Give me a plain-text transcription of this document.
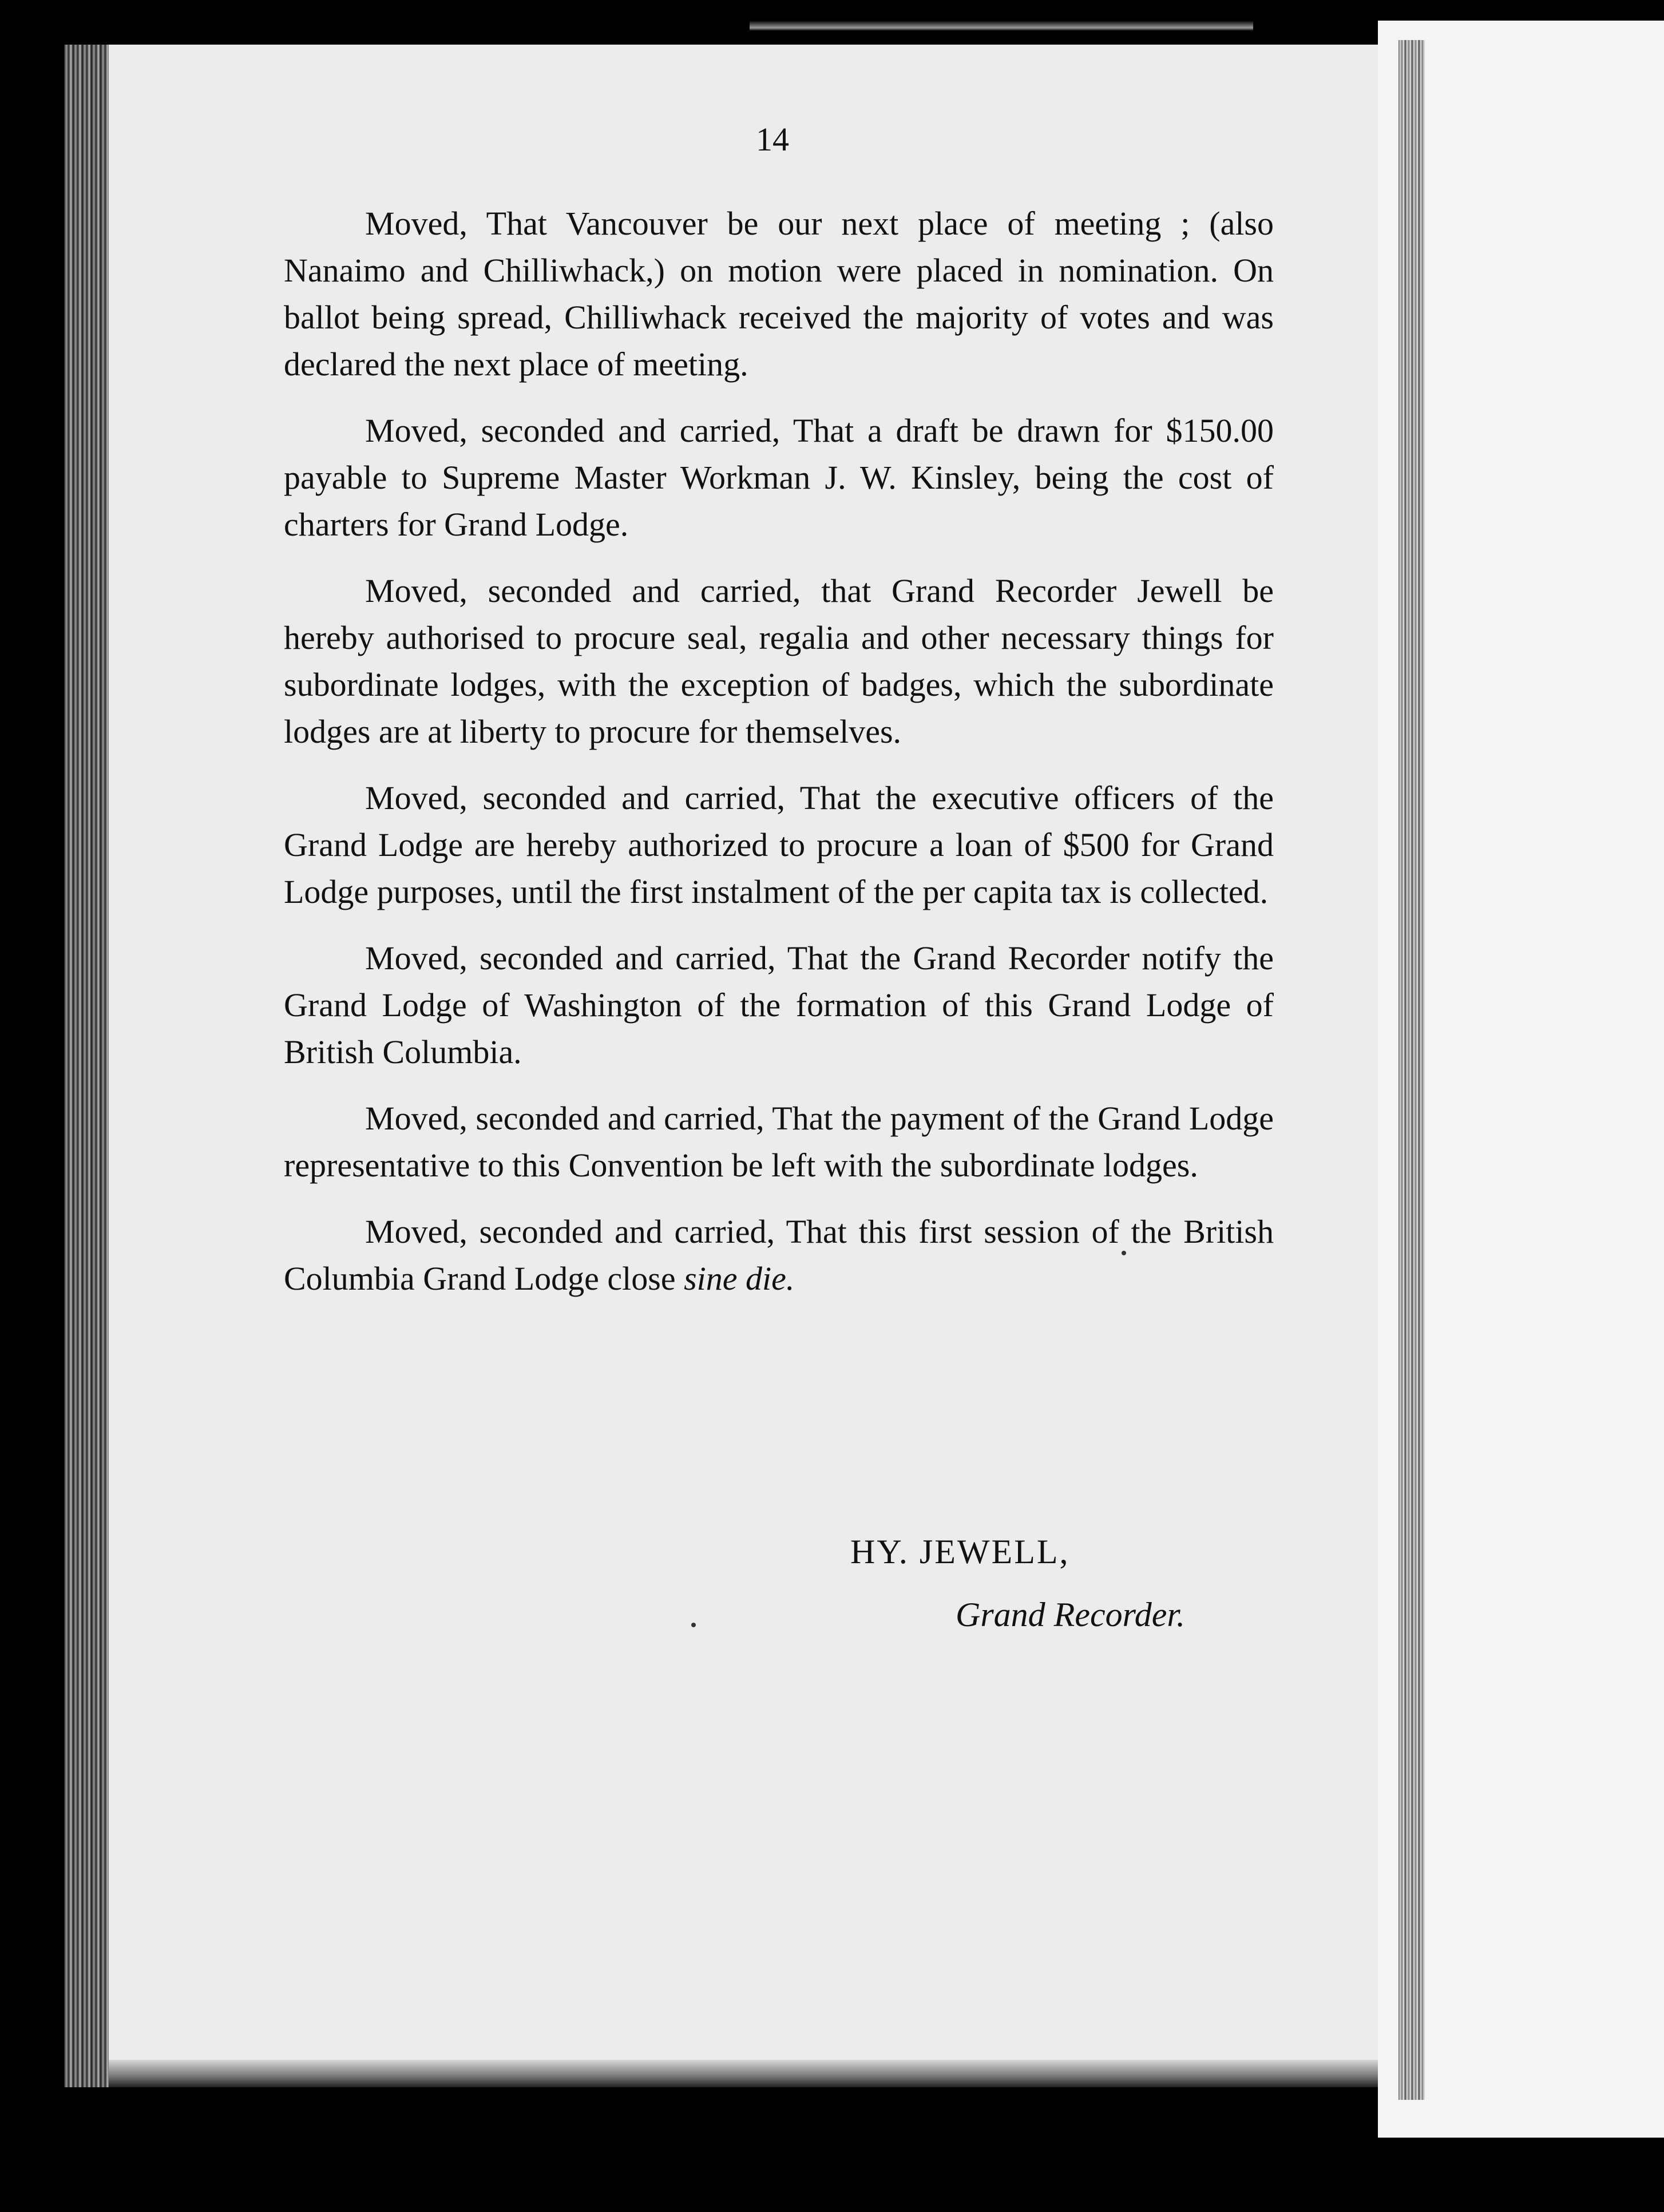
14

Moved, That Vancouver be our next place of meeting ; (also Nanaimo and Chilliwhack,) on motion were placed in nomination. On ballot being spread, Chilliwhack received the majority of votes and was declared the next place of meeting.

Moved, seconded and carried, That a draft be drawn for $150.00 payable to Supreme Master Workman J. W. Kinsley, being the cost of charters for Grand Lodge.

Moved, seconded and carried, that Grand Recorder Jewell be hereby authorised to procure seal, regalia and other necessary things for subordinate lodges, with the exception of badges, which the subordinate lodges are at liberty to procure for themselves.

Moved, seconded and carried, That the executive officers of the Grand Lodge are hereby authorized to procure a loan of $500 for Grand Lodge purposes, until the first instalment of the per capita tax is collected.

Moved, seconded and carried, That the Grand Recorder notify the Grand Lodge of Washington of the formation of this Grand Lodge of British Columbia.

Moved, seconded and carried, That the payment of the Grand Lodge representative to this Convention be left with the subordinate lodges.

Moved, seconded and carried, That this first session of the British Columbia Grand Lodge close sine die.

HY. JEWELL,
Grand Recorder.
